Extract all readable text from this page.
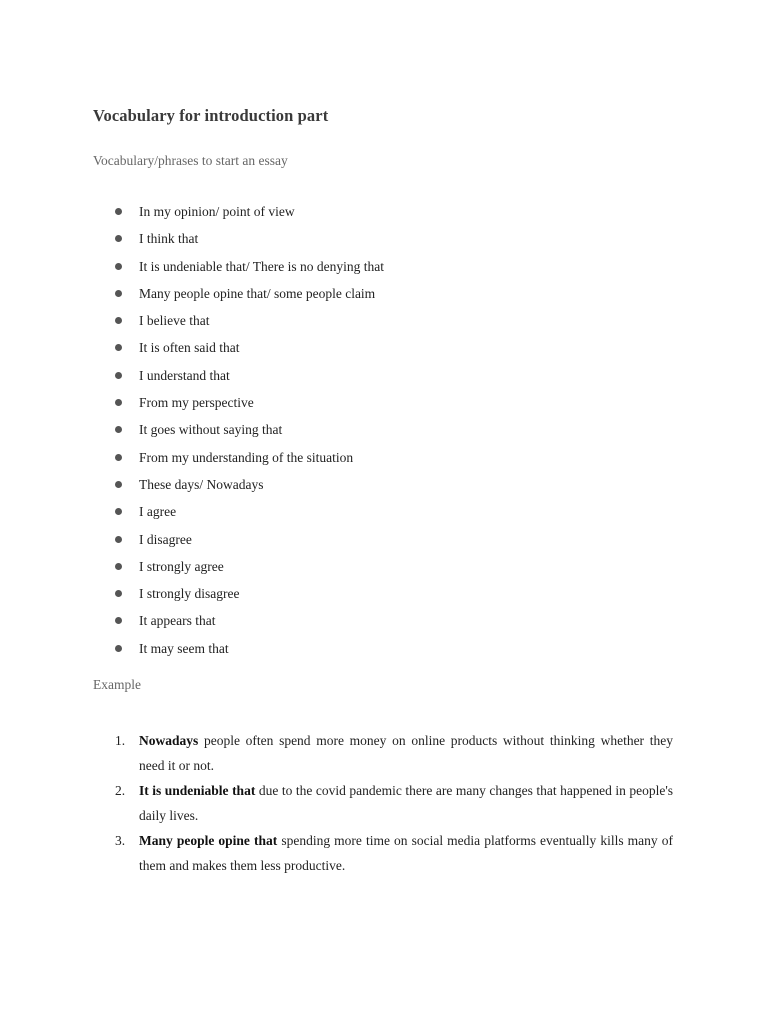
Vocabulary for introduction part

Vocabulary/phrases to start an essay

In my opinion/ point of view
I think that
It is undeniable that/ There is no denying that
Many people opine that/ some people claim
I believe that
It is often said that
I understand that
From my perspective
It goes without saying that
From my understanding of the situation
These days/ Nowadays
I agree
I disagree
I strongly agree
I strongly disagree
It appears that
It may seem that

Example

1. Nowadays people often spend more money on online products without thinking whether they need it or not.
2. It is undeniable that due to the covid pandemic there are many changes that happened in people's daily lives.
3. Many people opine that spending more time on social media platforms eventually kills many of them and makes them less productive.
